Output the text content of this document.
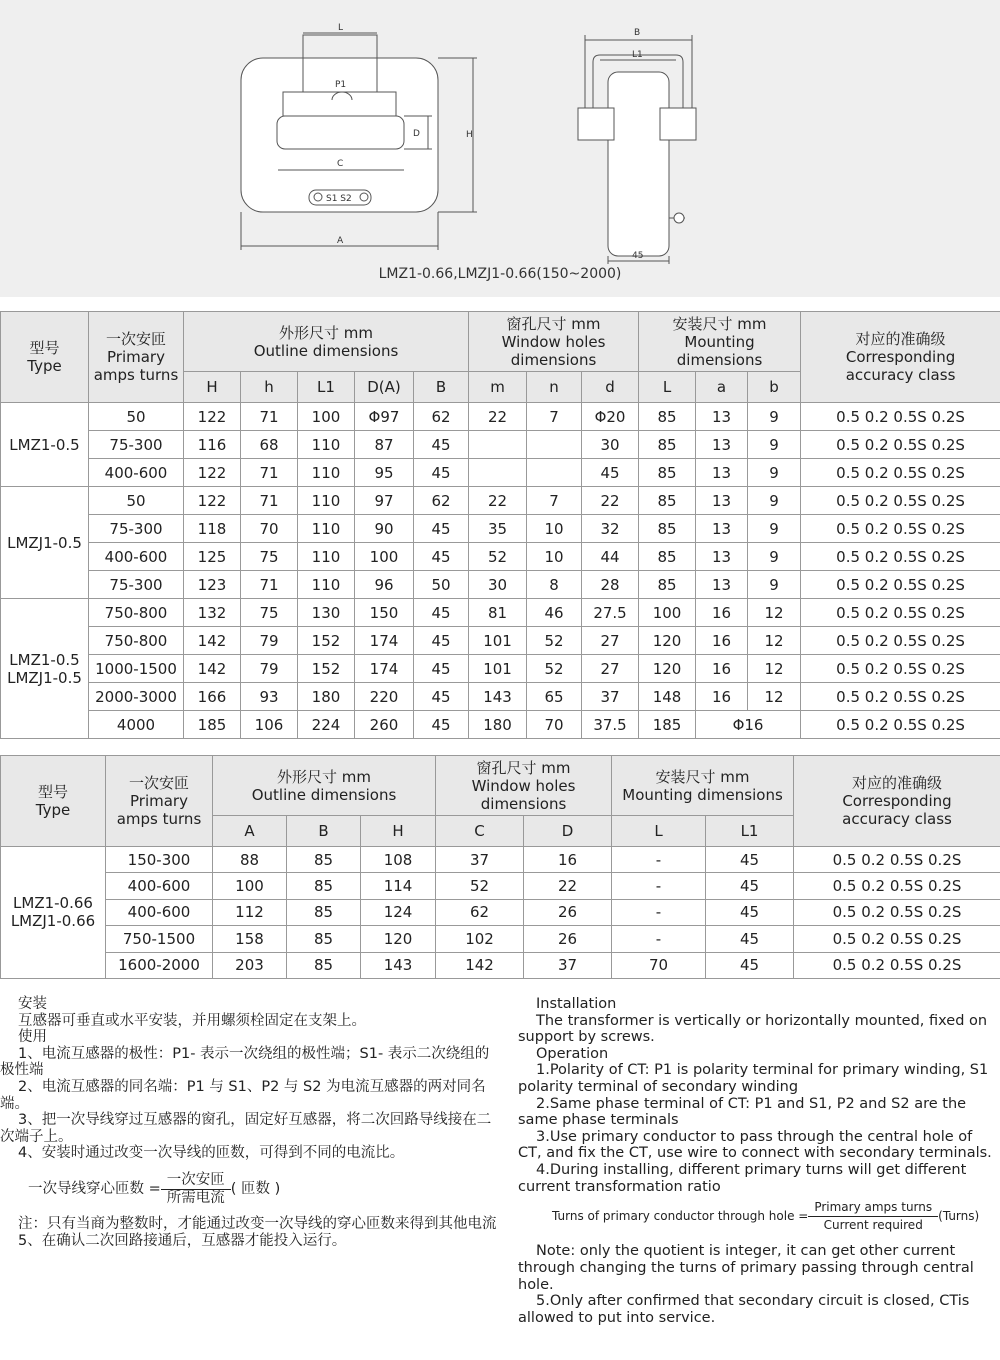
L
P1
D	H
C
S1 S2
A
B
L1
45
LMZ1-0.66,LMZJ1-0.66(150~2000)
型号
Type	一次安匝
Primary
amps turns	外形尺寸 mm
Outline dimensions					窗孔尺寸 mm
Window holes
dimensions			安装尺寸 mm
Mounting
dimensions			对应的准确级
Corresponding
accuracy class
		H	h	L1	D(A)	B	m	n	d	L	a	b	
LMZ1-0.5	50	122	71	100	Φ97	62	22	7	Φ20	85	13	9	0.5 0.2 0.5S 0.2S
	75-300	116	68	110	87	45			30	85	13	9	0.5 0.2 0.5S 0.2S
	400-600	122	71	110	95	45			45	85	13	9	0.5 0.2 0.5S 0.2S
LMZJ1-0.5	50	122	71	110	97	62	22	7	22	85	13	9	0.5 0.2 0.5S 0.2S
	75-300	118	70	110	90	45	35	10	32	85	13	9	0.5 0.2 0.5S 0.2S
	400-600	125	75	110	100	45	52	10	44	85	13	9	0.5 0.2 0.5S 0.2S
	75-300	123	71	110	96	50	30	8	28	85	13	9	0.5 0.2 0.5S 0.2S
LMZ1-0.5
LMZJ1-0.5	750-800	132	75	130	150	45	81	46	27.5	100	16	12	0.5 0.2 0.5S 0.2S
	750-800	142	79	152	174	45	101	52	27	120	16	12	0.5 0.2 0.5S 0.2S
	1000-1500	142	79	152	174	45	101	52	27	120	16	12	0.5 0.2 0.5S 0.2S
	2000-3000	166	93	180	220	45	143	65	37	148	16	12	0.5 0.2 0.5S 0.2S
	4000	185	106	224	260	45	180	70	37.5	185	Φ16		0.5 0.2 0.5S 0.2S
型号
Type	一次安匝
Primary
amps turns	外形尺寸 mm
Outline dimensions			窗孔尺寸 mm
Window holes
dimensions		安装尺寸 mm
Mounting dimensions		对应的准确级
Corresponding
accuracy class
		A	B	H	C	D	L	L1	
LMZ1-0.66
LMZJ1-0.66	150-300	88	85	108	37	16	-	45	0.5 0.2 0.5S 0.2S
	400-600	100	85	114	52	22	-	45	0.5 0.2 0.5S 0.2S
	400-600	112	85	124	62	26	-	45	0.5 0.2 0.5S 0.2S
	750-1500	158	85	120	102	26	-	45	0.5 0.2 0.5S 0.2S
	1600-2000	203	85	143	142	37	70	45	0.5 0.2 0.5S 0.2S

安装

互感器可垂直或水平安装，并用螺须栓固定在支架上。

使用

1、电流互感器的极性：P1- 表示一次绕组的极性端；S1- 表示二次绕组的极性端

2、电流互感器的同名端：P1 与 S1、P2 与 S2 为电流互感器的两对同名端。

3、把一次导线穿过互感器的窗孔，固定好互感器，将二次回路导线接在二次端子上。

4、安装时通过改变一次导线的匝数，可得到不同的电流比。

一次导线穿心匝数 = $\frac{\text{一次安匝}}{\text{所需电流}}$ ( 匝数 )

注：只有当商为整数时，才能通过改变一次导线的穿心匝数来得到其他电流

5、在确认二次回路接通后，互感器才能投入运行。

Installation

The transformer is vertically or horizontally mounted, fixed on support by screws.

Operation

1.Polarity of CT: P1 is polarity terminal for primary winding, S1 polarity terminal of secondary winding

2.Same phase terminal of CT: P1 and S1, P2 and S2 are the same phase terminals

3.Use primary conductor to pass through the central hole of CT, and fix the CT, use wire to connect with secondary terminals.

4.During installing, different primary turns will get different current transformation ratio

Turns of primary conductor through hole = $\frac{\text{Primary amps turns}}{\text{Current required}}$ (Turns)

Note: only the quotient is integer, it can get other current through changing the turns of primary passing through central hole.

5.Only after confirmed that secondary circuit is closed, CTis allowed to put into service.
